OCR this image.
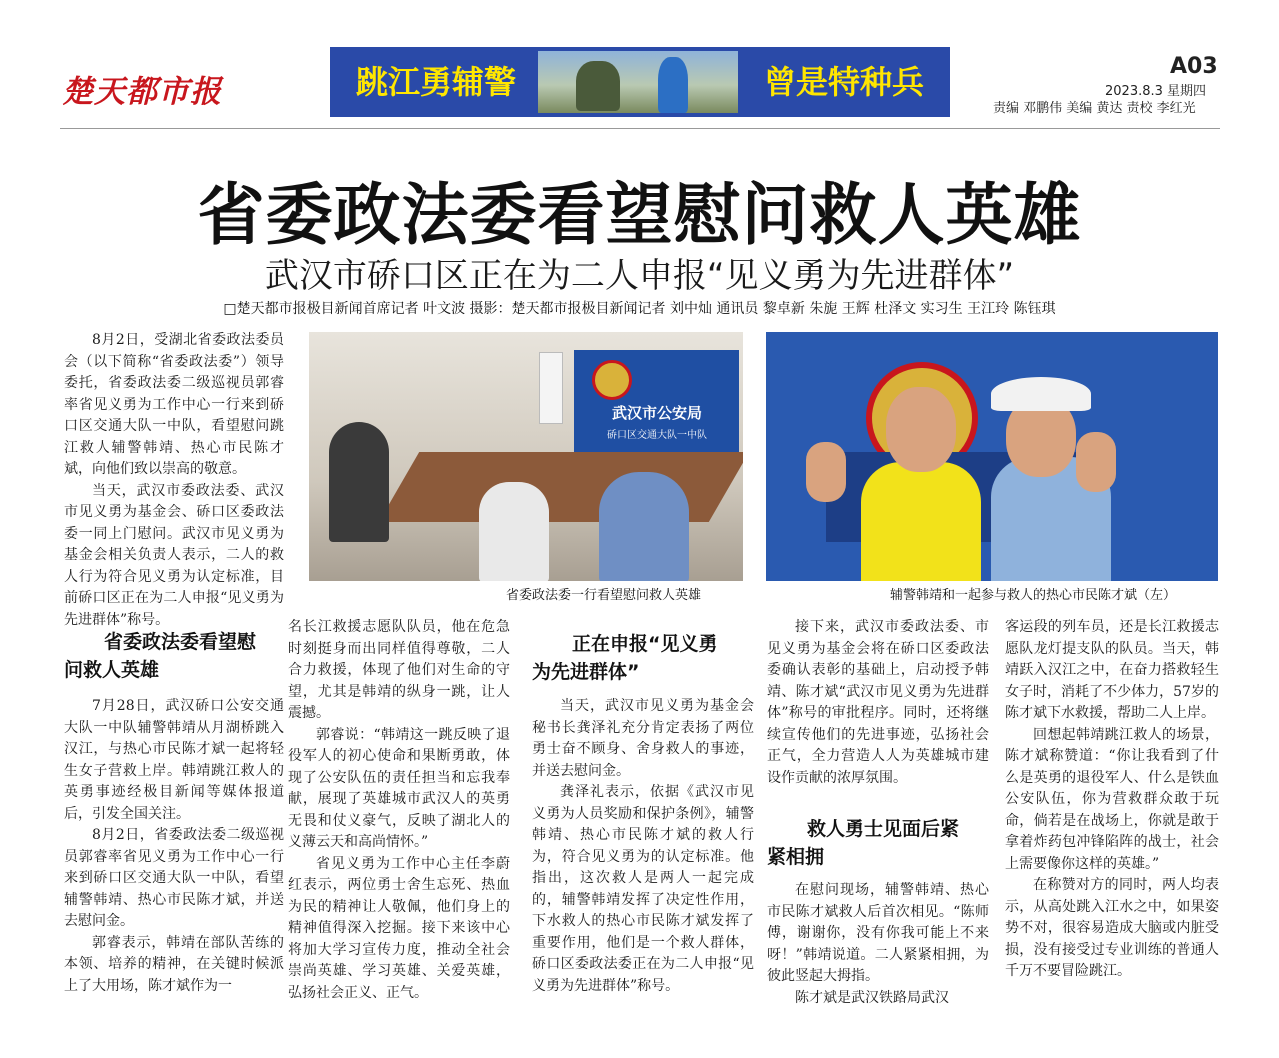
楚天都市报	跳江勇辅警	曾是特种兵	A03
2023.8.3 星期四
责编 邓鹏伟 美编 黄达 责校 李红光
省委政法委看望慰问救人英雄
武汉市硚口区正在为二人申报“见义勇为先进群体”
□楚天都市报极目新闻首席记者 叶文波 摄影：楚天都市报极目新闻记者 刘中灿 通讯员 黎卓新 朱旎 王辉 杜泽文 实习生 王江玲 陈钰琪

8月2日，受湖北省委政法委员会（以下简称“省委政法委”）领导委托，省委政法委二级巡视员郭睿率省见义勇为工作中心一行来到硚口区交通大队一中队，看望慰问跳江救人辅警韩靖、热心市民陈才斌，向他们致以崇高的敬意。

当天，武汉市委政法委、武汉市见义勇为基金会、硚口区委政法委一同上门慰问。武汉市见义勇为基金会相关负责人表示，二人的救人行为符合见义勇为认定标准，目前硚口区正在为二人申报“见义勇为先进群体”称号。

武汉市公安局
硚口区交通大队一中队
省委政法委一行看望慰问救人英雄	辅警韩靖和一起参与救人的热心市民陈才斌（左）
省委政法委看望慰
问救人英雄

7月28日，武汉硚口公安交通大队一中队辅警韩靖从月湖桥跳入汉江，与热心市民陈才斌一起将轻生女子营救上岸。韩靖跳江救人的英勇事迹经极目新闻等媒体报道后，引发全国关注。

8月2日，省委政法委二级巡视员郭睿率省见义勇为工作中心一行来到硚口区交通大队一中队，看望辅警韩靖、热心市民陈才斌，并送去慰问金。

郭睿表示，韩靖在部队苦练的本领、培养的精神，在关键时候派上了大用场，陈才斌作为一

名长江救援志愿队队员，他在危急时刻挺身而出同样值得尊敬，二人合力救援，体现了他们对生命的守望，尤其是韩靖的纵身一跳，让人震撼。

郭睿说：“韩靖这一跳反映了退役军人的初心使命和果断勇敢，体现了公安队伍的责任担当和忘我奉献，展现了英雄城市武汉人的英勇无畏和仗义豪气，反映了湖北人的义薄云天和高尚情怀。”

省见义勇为工作中心主任李蔚红表示，两位勇士舍生忘死、热血为民的精神让人敬佩，他们身上的精神值得深入挖掘。接下来该中心将加大学习宣传力度，推动全社会崇尚英雄、学习英雄、关爱英雄，弘扬社会正义、正气。

正在申报“见义勇
为先进群体”

当天，武汉市见义勇为基金会秘书长龚泽礼充分肯定表扬了两位勇士奋不顾身、舍身救人的事迹，并送去慰问金。

龚泽礼表示，依据《武汉市见义勇为人员奖励和保护条例》，辅警韩靖、热心市民陈才斌的救人行为，符合见义勇为的认定标准。他指出，这次救人是两人一起完成的，辅警韩靖发挥了决定性作用，下水救人的热心市民陈才斌发挥了重要作用，他们是一个救人群体，硚口区委政法委正在为二人申报“见义勇为先进群体”称号。

接下来，武汉市委政法委、市见义勇为基金会将在硚口区委政法委确认表彰的基础上，启动授予韩靖、陈才斌“武汉市见义勇为先进群体”称号的审批程序。同时，还将继续宣传他们的先进事迹，弘扬社会正气，全力营造人人为英雄城市建设作贡献的浓厚氛围。

救人勇士见面后紧
紧相拥

在慰问现场，辅警韩靖、热心市民陈才斌救人后首次相见。“陈师傅，谢谢你，没有你我可能上不来呀！”韩靖说道。二人紧紧相拥，为彼此竖起大拇指。

陈才斌是武汉铁路局武汉

客运段的列车员，还是长江救援志愿队龙灯提支队的队员。当天，韩靖跃入汉江之中，在奋力搭救轻生女子时，消耗了不少体力，57岁的陈才斌下水救援，帮助二人上岸。

回想起韩靖跳江救人的场景，陈才斌称赞道：“你让我看到了什么是英勇的退役军人、什么是铁血公安队伍，你为营救群众敢于玩命，倘若是在战场上，你就是敢于拿着炸药包冲锋陷阵的战士，社会上需要像你这样的英雄。”

在称赞对方的同时，两人均表示，从高处跳入江水之中，如果姿势不对，很容易造成大脑或内脏受损，没有接受过专业训练的普通人千万不要冒险跳江。
